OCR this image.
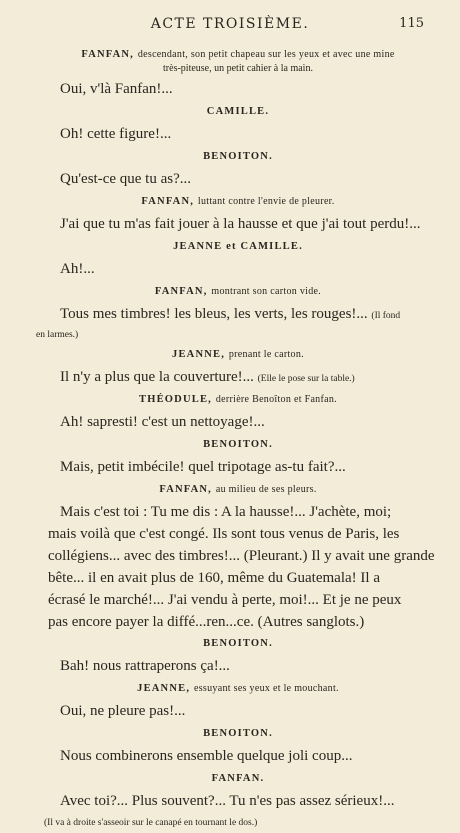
ACTE TROISIÈME.	115
FANFAN, descendant, son petit chapeau sur les yeux et avec une mine
très-piteuse, un petit cahier à la main.
Oui, v'là Fanfan!...
CAMILLE.
Oh! cette figure!...
BENOITON.
Qu'est-ce que tu as?...
FANFAN, luttant contre l'envie de pleurer.
J'ai que tu m'as fait jouer à la hausse et que j'ai tout perdu!...
JEANNE et CAMILLE.
Ah!...
FANFAN, montrant son carton vide.
Tous mes timbres! les bleus, les verts, les rouges!... (Il fond
en larmes.)
JEANNE, prenant le carton.
Il n'y a plus que la couverture!... (Elle le pose sur la table.)
THÉODULE, derrière Benoîton et Fanfan.
Ah! sapresti! c'est un nettoyage!...
BENOITON.
Mais, petit imbécile! quel tripotage as-tu fait?...
FANFAN, au milieu de ses pleurs.
Mais c'est toi : Tu me dis : A la hausse!... J'achète, moi;
mais voilà que c'est congé. Ils sont tous venus de Paris, les
collégiens... avec des timbres!... (Pleurant.) Il y avait une grande
bête... il en avait plus de 160, même du Guatemala! Il a
écrasé le marché!... J'ai vendu à perte, moi!... Et je ne peux
pas encore payer la diffé...ren...ce. (Autres sanglots.)
BENOITON.
Bah! nous rattraperons ça!...
JEANNE, essuyant ses yeux et le mouchant.
Oui, ne pleure pas!...
BENOITON.
Nous combinerons ensemble quelque joli coup...
FANFAN.
Avec toi?... Plus souvent?... Tu n'es pas assez sérieux!...
(Il va à droite s'asseoir sur le canapé en tournant le dos.)
